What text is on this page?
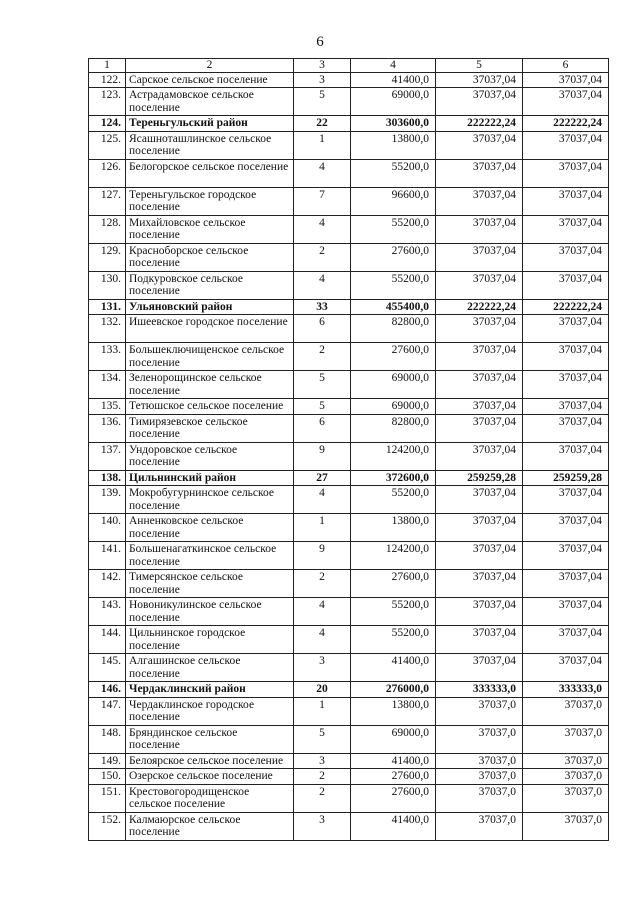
6
1	2	3	4	5	6
122.	Сарское сельское поселение	3	41400,0	37037,04	37037,04
123.	Астрадамовское сельское поселение	5	69000,0	37037,04	37037,04
124.	Тереньгульский район	22	303600,0	222222,24	222222,24
125.	Ясашноташлинское сельское поселение	1	13800,0	37037,04	37037,04
126.	Белогорское сельское поселение	4	55200,0	37037,04	37037,04
127.	Тереньгульское городское поселение	7	96600,0	37037,04	37037,04
128.	Михайловское сельское поселение	4	55200,0	37037,04	37037,04
129.	Красноборское сельское поселение	2	27600,0	37037,04	37037,04
130.	Подкуровское сельское поселение	4	55200,0	37037,04	37037,04
131.	Ульяновский район	33	455400,0	222222,24	222222,24
132.	Ишеевское городское поселение	6	82800,0	37037,04	37037,04
133.	Большеключищенское сельское поселение	2	27600,0	37037,04	37037,04
134.	Зеленорощинское сельское поселение	5	69000,0	37037,04	37037,04
135.	Тетюшское сельское поселение	5	69000,0	37037,04	37037,04
136.	Тимирязевское сельское поселение	6	82800,0	37037,04	37037,04
137.	Ундоровское сельское поселение	9	124200,0	37037,04	37037,04
138.	Цильнинский район	27	372600,0	259259,28	259259,28
139.	Мокробугурнинское сельское поселение	4	55200,0	37037,04	37037,04
140.	Анненковское сельское поселение	1	13800,0	37037,04	37037,04
141.	Большенагаткинское сельское поселение	9	124200,0	37037,04	37037,04
142.	Тимерсянское сельское поселение	2	27600,0	37037,04	37037,04
143.	Новоникулинское сельское поселение	4	55200,0	37037,04	37037,04
144.	Цильнинское городское поселение	4	55200,0	37037,04	37037,04
145.	Алгашинское сельское поселение	3	41400,0	37037,04	37037,04
146.	Чердаклинский район	20	276000,0	333333,0	333333,0
147.	Чердаклинское городское поселение	1	13800,0	37037,0	37037,0
148.	Бряндинское сельское поселение	5	69000,0	37037,0	37037,0
149.	Белоярское сельское поселение	3	41400,0	37037,0	37037,0
150.	Озерское сельское поселение	2	27600,0	37037,0	37037,0
151.	Крестовогородищенское сельское поселение	2	27600,0	37037,0	37037,0
152.	Калмаюрское сельское поселение	3	41400,0	37037,0	37037,0
